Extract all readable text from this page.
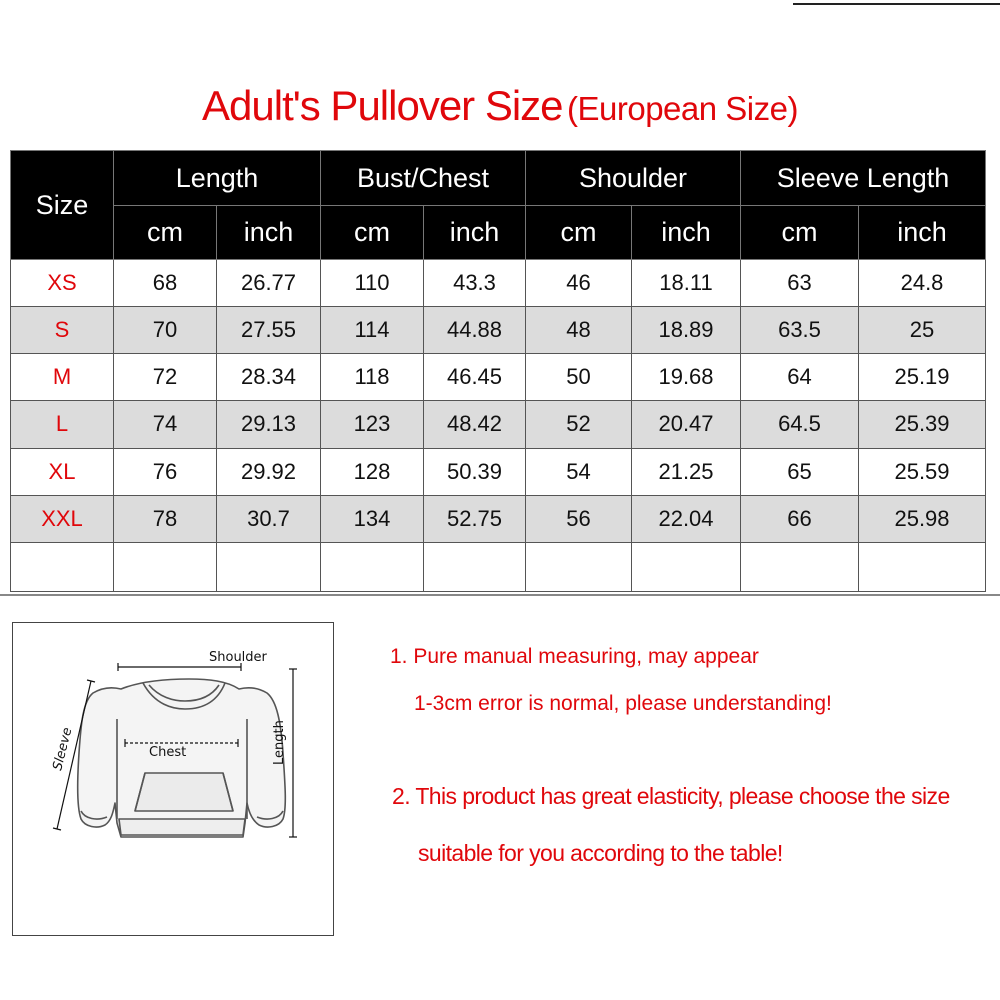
Adult's Pullover Size (European Size)
Size	Length		Bust/Chest		Shoulder		Sleeve Length	
	cm	inch	cm	inch	cm	inch	cm	inch
XS	68	26.77	110	43.3	46	18.11	63	24.8
S	70	27.55	114	44.88	48	18.89	63.5	25
M	72	28.34	118	46.45	50	19.68	64	25.19
L	74	29.13	123	48.42	52	20.47	64.5	25.39
XL	76	29.92	128	50.39	54	21.25	65	25.59
XXL	78	30.7	134	52.75	56	22.04	66	25.98

Shoulder
Chest	Length
Sleeve
1. Pure manual measuring, may appear
1-3cm error is normal, please understanding!
2. This product has great elasticity, please choose the size
suitable for you according to the table!
